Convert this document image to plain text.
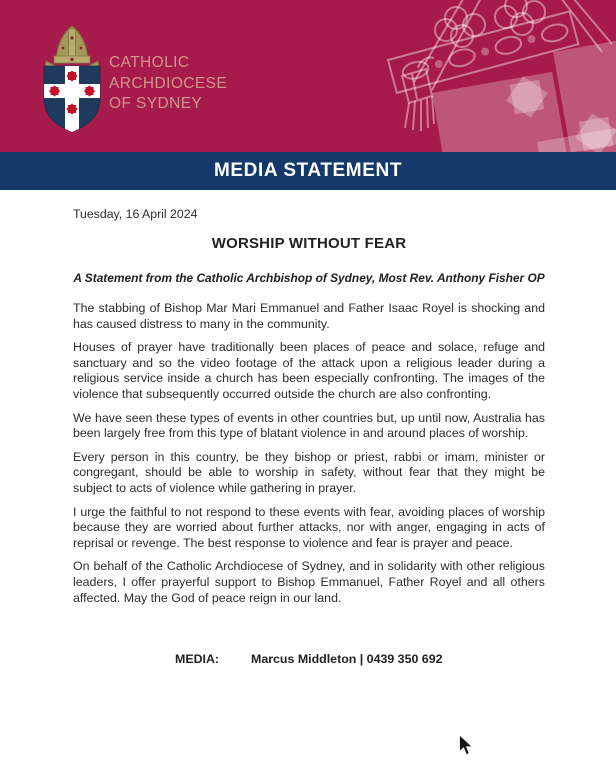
CATHOLIC
ARCHDIOCESE
OF SYDNEY
MEDIA STATEMENT

Tuesday, 16 April 2024

WORSHIP WITHOUT FEAR

A Statement from the Catholic Archbishop of Sydney, Most Rev. Anthony Fisher OP

The stabbing of Bishop Mar Mari Emmanuel and Father Isaac Royel is shocking and has caused distress to many in the community.

Houses of prayer have traditionally been places of peace and solace, refuge and sanctuary and so the video footage of the attack upon a religious leader during a religious service inside a church has been especially confronting. The images of the violence that subsequently occurred outside the church are also confronting.

We have seen these types of events in other countries but, up until now, Australia has been largely free from this type of blatant violence in and around places of worship.

Every person in this country, be they bishop or priest, rabbi or imam, minister or congregant, should be able to worship in safety, without fear that they might be subject to acts of violence while gathering in prayer.

I urge the faithful to not respond to these events with fear, avoiding places of worship because they are worried about further attacks, nor with anger, engaging in acts of reprisal or revenge. The best response to violence and fear is prayer and peace.

On behalf of the Catholic Archdiocese of Sydney, and in solidarity with other religious leaders, I offer prayerful support to Bishop Emmanuel, Father Royel and all others affected. May the God of peace reign in our land.

MEDIA:	Marcus Middleton | 0439 350 692
